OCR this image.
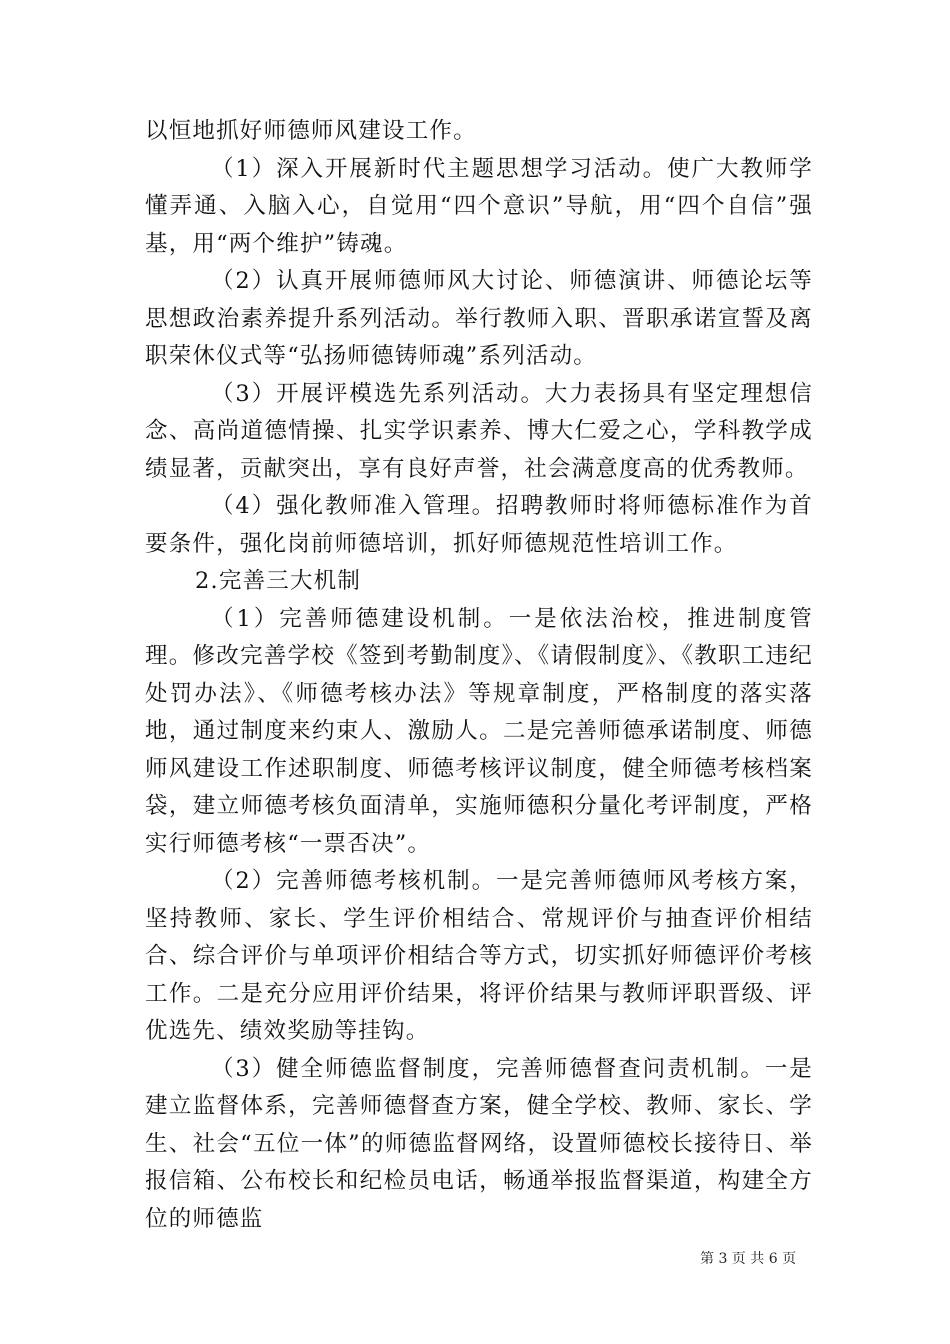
以恒地抓好师德师风建设工作。

（1）深入开展新时代主题思想学习活动。使广大教师学懂弄通、入脑入心，自觉用“四个意识”导航，用“四个自信”强基，用“两个维护”铸魂。

（2）认真开展师德师风大讨论、师德演讲、师德论坛等思想政治素养提升系列活动。举行教师入职、晋职承诺宣誓及离职荣休仪式等“弘扬师德铸师魂”系列活动。

（3）开展评模选先系列活动。大力表扬具有坚定理想信念、高尚道德情操、扎实学识素养、博大仁爱之心，学科教学成绩显著，贡献突出，享有良好声誉，社会满意度高的优秀教师。

（4）强化教师准入管理。招聘教师时将师德标准作为首要条件，强化岗前师德培训，抓好师德规范性培训工作。

2.完善三大机制

（1）完善师德建设机制。一是依法治校，推进制度管理。修改完善学校《签到考勤制度》、《请假制度》、《教职工违纪处罚办法》、《师德考核办法》等规章制度，严格制度的落实落地，通过制度来约束人、激励人。二是完善师德承诺制度、师德师风建设工作述职制度、师德考核评议制度，健全师德考核档案袋，建立师德考核负面清单，实施师德积分量化考评制度，严格实行师德考核“一票否决”。

（2）完善师德考核机制。一是完善师德师风考核方案，坚持教师、家长、学生评价相结合、常规评价与抽查评价相结合、综合评价与单项评价相结合等方式，切实抓好师德评价考核工作。二是充分应用评价结果，将评价结果与教师评职晋级、评优选先、绩效奖励等挂钩。

（3）健全师德监督制度，完善师德督查问责机制。一是建立监督体系，完善师德督查方案，健全学校、教师、家长、学生、社会“五位一体”的师德监督网络，设置师德校长接待日、举报信箱、公布校长和纪检员电话，畅通举报监督渠道，构建全方位的师德监

第 3 页 共 6 页
